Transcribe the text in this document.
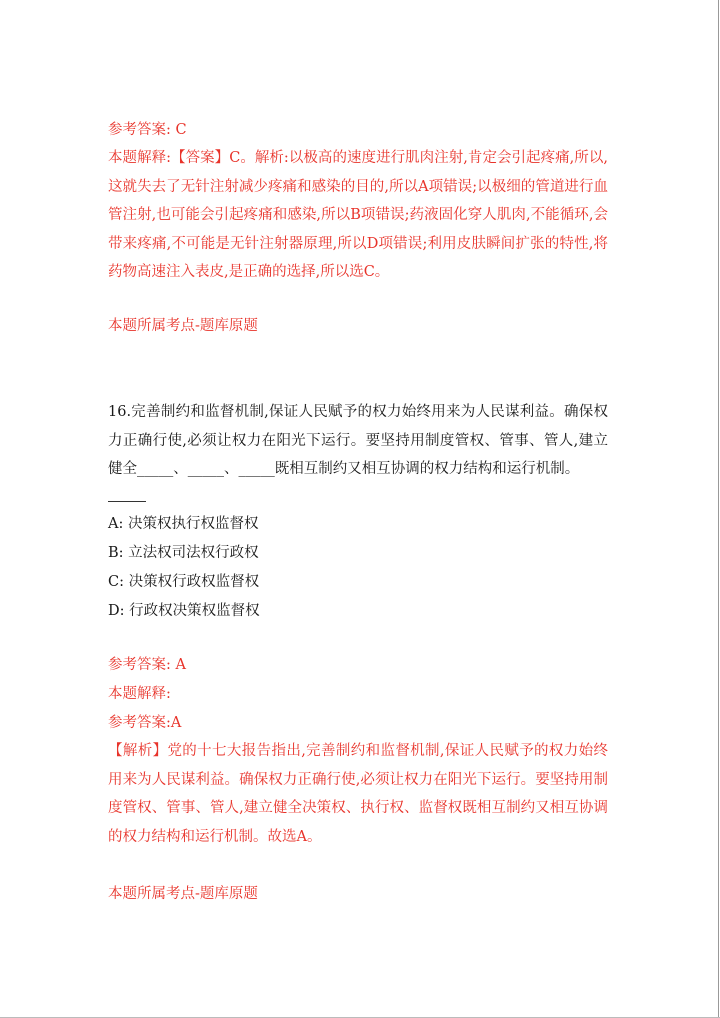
参考答案: C
本题解释:【答案】C。解析:以极高的速度进行肌肉注射,肯定会引起疼痛,所以,这就失去了无针注射减少疼痛和感染的目的,所以A项错误;以极细的管道进行血管注射,也可能会引起疼痛和感染,所以B项错误;药液固化穿人肌肉,不能循环,会带来疼痛,不可能是无针注射器原理,所以D项错误;利用皮肤瞬间扩张的特性,将药物高速注入表皮,是正确的选择,所以选C。
本题所属考点-题库原题
16.完善制约和监督机制,保证人民赋予的权力始终用来为人民谋利益。确保权力正确行使,必须让权力在阳光下运行。要坚持用制度管权、管事、管人,建立健全_____、_____、_____既相互制约又相互协调的权力结构和运行机制。
A: 决策权执行权监督权
B: 立法权司法权行政权
C: 决策权行政权监督权
D: 行政权决策权监督权
参考答案: A
本题解释:
参考答案:A
【解析】党的十七大报告指出,完善制约和监督机制,保证人民赋予的权力始终用来为人民谋利益。确保权力正确行使,必须让权力在阳光下运行。要坚持用制度管权、管事、管人,建立健全决策权、执行权、监督权既相互制约又相互协调的权力结构和运行机制。故选A。
本题所属考点-题库原题
